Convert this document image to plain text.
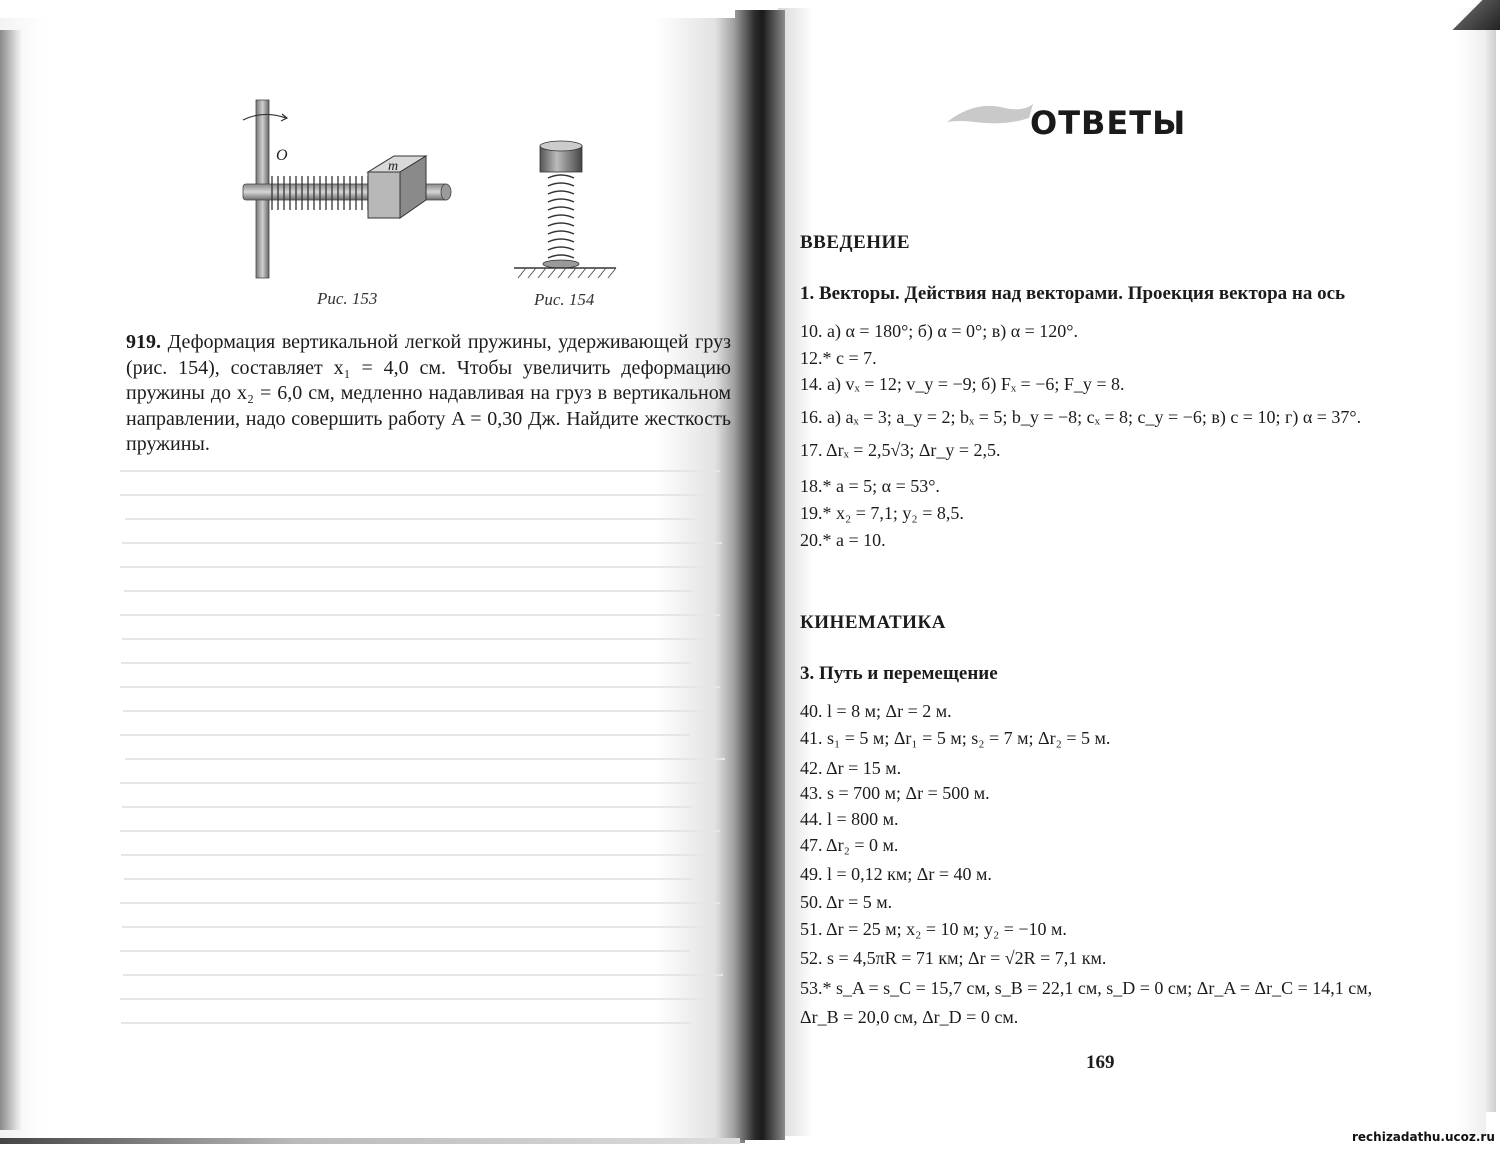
O
m
Рис. 153	Рис. 154
919. Деформация вертикальной легкой пружины, удерживающей груз (рис. 154), составляет x₁ = 4,0 см. Чтобы увеличить деформацию пружины до x₂ = 6,0 см, медленно надавливая на груз в вертикальном направлении, надо совершить работу A = 0,30 Дж. Найдите жесткость пружины.
ОТВЕТЫ
ВВЕДЕНИЕ
1. Векторы. Действия над векторами. Проекция вектора на ось
10. а) α = 180°; б) α = 0°; в) α = 120°.
12.* c = 7.
14. а) vₓ = 12; v_y = −9; б) Fₓ = −6; F_y = 8.
16. а) aₓ = 3; a_y = 2; bₓ = 5; b_y = −8; cₓ = 8; c_y = −6; в) c = 10; г) α = 37°.
17. Δrₓ = 2,5√3; Δr_y = 2,5.
18.* a = 5; α = 53°.
19.* x₂ = 7,1; y₂ = 8,5.
20.* a = 10.
КИНЕМАТИКА
3. Путь и перемещение
40. l = 8 м; Δr = 2 м.
41. s₁ = 5 м; Δr₁ = 5 м; s₂ = 7 м; Δr₂ = 5 м.
42. Δr = 15 м.
43. s = 700 м; Δr = 500 м.
44. l = 800 м.
47. Δr₂ = 0 м.
49. l = 0,12 км; Δr = 40 м.
50. Δr = 5 м.
51. Δr = 25 м; x₂ = 10 м; y₂ = −10 м.
52. s = 4,5πR = 71 км; Δr = √2R = 7,1 км.
53.* s_A = s_C = 15,7 см, s_B = 22,1 см, s_D = 0 см; Δr_A = Δr_C = 14,1 см,
Δr_B = 20,0 см, Δr_D = 0 см.
169
rechizadathu.ucoz.ru
